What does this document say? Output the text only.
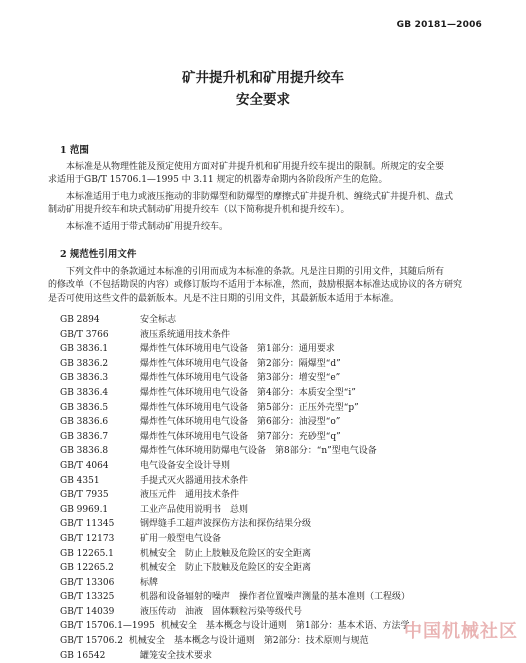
GB 20181—2006
矿井提升机和矿用提升绞车
安全要求
1 范围

本标准是从物理性能及预定使用方面对矿井提升机和矿用提升绞车提出的限制。所规定的安全要

求适用于GB/T 15706.1—1995 中 3.11 规定的机器寿命期内各阶段所产生的危险。

本标准适用于电力或液压拖动的非防爆型和防爆型的摩擦式矿井提升机、缠绕式矿井提升机、盘式

制动矿用提升绞车和块式制动矿用提升绞车（以下简称提升机和提升绞车）。

本标准不适用于带式制动矿用提升绞车。

2 规范性引用文件

下列文件中的条款通过本标准的引用而成为本标准的条款。凡是注日期的引用文件，其随后所有

的修改单（不包括勘误的内容）或修订版均不适用于本标准，然而，鼓励根据本标准达成协议的各方研究

是否可使用这些文件的最新版本。凡是不注日期的引用文件，其最新版本适用于本标准。

GB 2894	安全标志
GB/T 3766	液压系统通用技术条件
GB 3836.1	爆炸性气体环境用电气设备　第1部分：通用要求
GB 3836.2	爆炸性气体环境用电气设备　第2部分：隔爆型“d”
GB 3836.3	爆炸性气体环境用电气设备　第3部分：增安型“e”
GB 3836.4	爆炸性气体环境用电气设备　第4部分：本质安全型“i”
GB 3836.5	爆炸性气体环境用电气设备　第5部分：正压外壳型“p”
GB 3836.6	爆炸性气体环境用电气设备　第6部分：油浸型“o”
GB 3836.7	爆炸性气体环境用电气设备　第7部分：充砂型“q”
GB 3836.8	爆炸性气体环境用防爆电气设备　第8部分：“n”型电气设备
GB/T 4064	电气设备安全设计导则
GB 4351	手提式灭火器通用技术条件
GB/T 7935	液压元件　通用技术条件
GB 9969.1	工业产品使用说明书　总则
GB/T 11345	钢焊缝手工超声波探伤方法和探伤结果分级
GB/T 12173	矿用一般型电气设备
GB 12265.1	机械安全　防止上肢触及危险区的安全距离
GB 12265.2	机械安全　防止下肢触及危险区的安全距离
GB/T 13306	标牌
GB/T 13325	机器和设备辐射的噪声　操作者位置噪声测量的基本准则（工程级）
GB/T 14039	液压传动　油液　固体颗粒污染等级代号
GB/T 15706.1—1995 机械安全　基本概念与设计通则　第1部分：基本术语、方法学
GB/T 15706.2 机械安全　基本概念与设计通则　第2部分：技术原则与规范
GB 16542	罐笼安全技术要求
中国机械社区
